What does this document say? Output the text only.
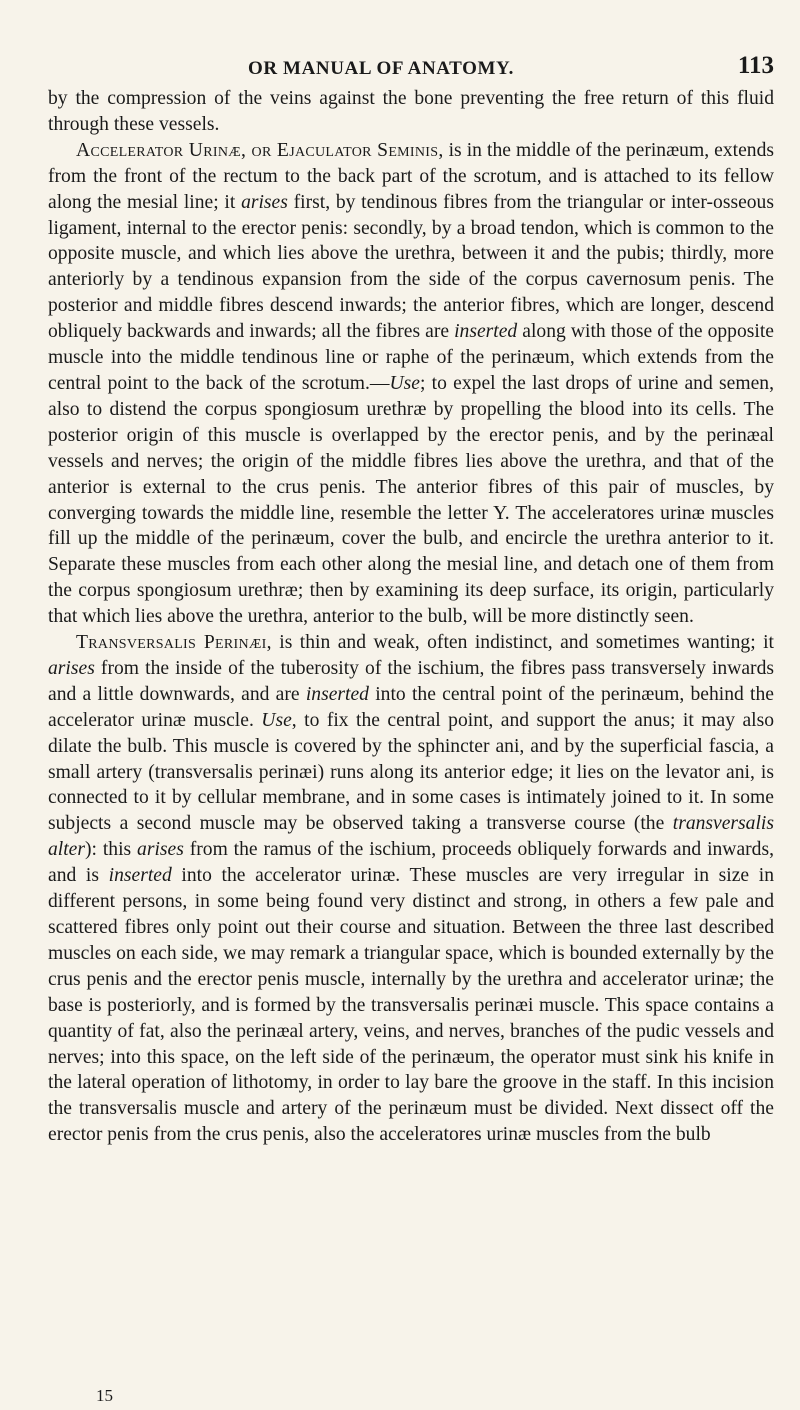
OR MANUAL OF ANATOMY.	113

by the compression of the veins against the bone preventing the free return of this fluid through these vessels.

Accelerator Urinæ, or Ejaculator Seminis, is in the middle of the perinæum, extends from the front of the rectum to the back part of the scrotum, and is attached to its fellow along the mesial line; it arises first, by tendinous fibres from the triangular or inter-osseous ligament, internal to the erector penis: secondly, by a broad tendon, which is common to the opposite muscle, and which lies above the urethra, between it and the pubis; thirdly, more anteriorly by a tendinous expansion from the side of the corpus cavernosum penis. The posterior and middle fibres descend inwards; the anterior fibres, which are longer, descend obliquely backwards and inwards; all the fibres are inserted along with those of the opposite muscle into the middle tendinous line or raphe of the perinæum, which extends from the central point to the back of the scrotum.—Use; to expel the last drops of urine and semen, also to distend the corpus spongiosum urethræ by propelling the blood into its cells. The posterior origin of this muscle is overlapped by the erector penis, and by the perinæal vessels and nerves; the origin of the middle fibres lies above the urethra, and that of the anterior is external to the crus penis. The anterior fibres of this pair of muscles, by converging towards the middle line, resemble the letter Y. The acceleratores urinæ muscles fill up the middle of the perinæum, cover the bulb, and encircle the urethra anterior to it. Separate these muscles from each other along the mesial line, and detach one of them from the corpus spongiosum urethræ; then by examining its deep surface, its origin, particularly that which lies above the urethra, anterior to the bulb, will be more distinctly seen.

Transversalis Perinæi, is thin and weak, often indistinct, and sometimes wanting; it arises from the inside of the tuberosity of the ischium, the fibres pass transversely inwards and a little downwards, and are inserted into the central point of the perinæum, behind the accelerator urinæ muscle. Use, to fix the central point, and support the anus; it may also dilate the bulb. This muscle is covered by the sphincter ani, and by the superficial fascia, a small artery (transversalis perinæi) runs along its anterior edge; it lies on the levator ani, is connected to it by cellular membrane, and in some cases is intimately joined to it. In some subjects a second muscle may be observed taking a transverse course (the transversalis alter): this arises from the ramus of the ischium, proceeds obliquely forwards and inwards, and is inserted into the accelerator urinæ. These muscles are very irregular in size in different persons, in some being found very distinct and strong, in others a few pale and scattered fibres only point out their course and situation. Between the three last described muscles on each side, we may remark a triangular space, which is bounded externally by the crus penis and the erector penis muscle, internally by the urethra and accelerator urinæ; the base is posteriorly, and is formed by the transversalis perinæi muscle. This space contains a quantity of fat, also the perinæal artery, veins, and nerves, branches of the pudic vessels and nerves; into this space, on the left side of the perinæum, the operator must sink his knife in the lateral operation of lithotomy, in order to lay bare the groove in the staff. In this incision the transversalis muscle and artery of the perinæum must be divided. Next dissect off the erector penis from the crus penis, also the acceleratores urinæ muscles from the bulb

15
